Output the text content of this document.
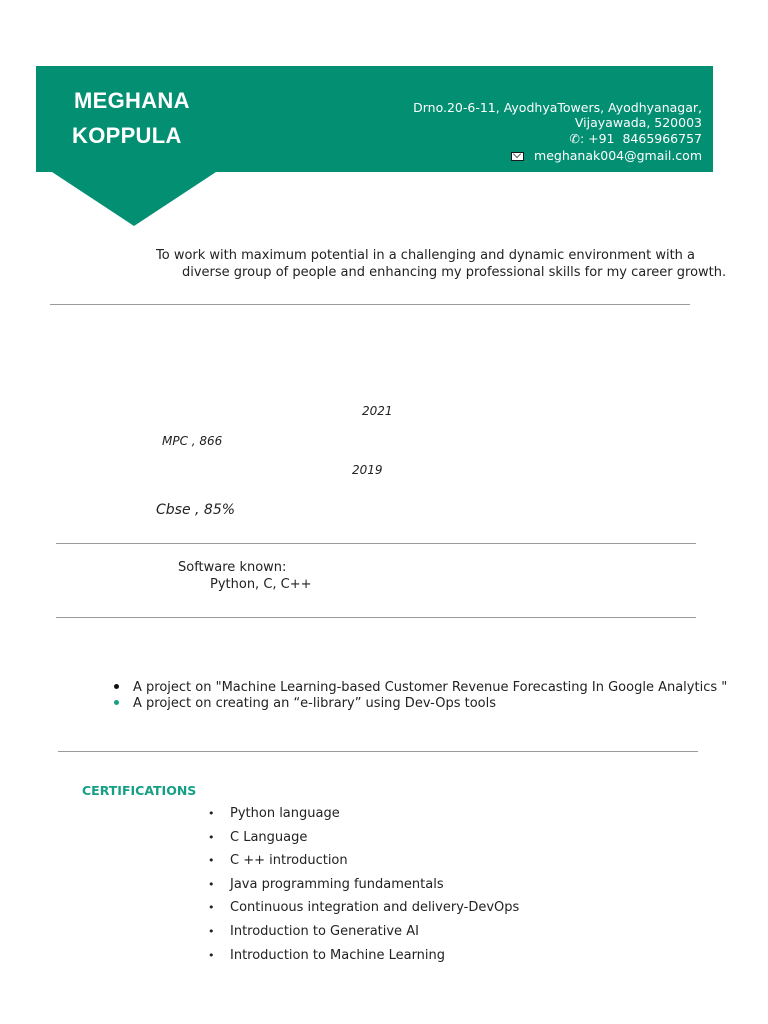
MEGHANA
KOPPULA
Drno.20-6-11, AyodhyaTowers, Ayodhyanagar,
Vijayawada, 520003
✆: +91 8465966757
meghanak004@gmail.com
To work with maximum potential in a challenging and dynamic environment with a
diverse group of people and enhancing my professional skills for my career growth.
2021
MPC , 866
2019
Cbse , 85%
Software known:
Python, C, C++
A project on "Machine Learning-based Customer Revenue Forecasting In Google Analytics "
A project on creating an “e-library” using Dev-Ops tools
CERTIFICATIONS
• Python language
• C Language
• C ++ introduction
• Java programming fundamentals
• Continuous integration and delivery-DevOps
• Introduction to Generative AI
• Introduction to Machine Learning
